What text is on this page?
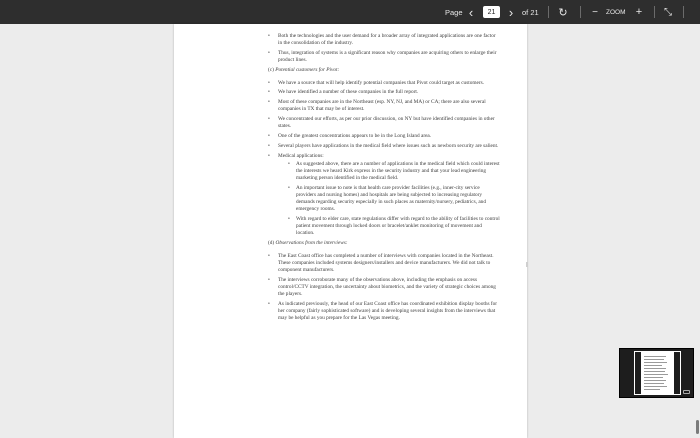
Page ‹
21	›	of 21 ↻ −	ZOOM + ⤡
• Both the technologies and the user demand for a broader array of integrated applications are one factor in the consolidation of the industry.
• Thus, integration of systems is a significant reason why companies are acquiring others to enlarge their product lines.
(c) Potential customers for Pivot:
• We have a source that will help identify potential companies that Pivot could target as customers.
• We have identified a number of these companies in the full report.
• Most of these companies are in the Northeast (esp. NY, NJ, and MA) or CA; there are also several companies in TX that may be of interest.
• We concentrated our efforts, as per our prior discussion, on NY but have identified companies in other states.
• One of the greatest concentrations appears to be in the Long Island area.
• Several players have applications in the medical field where issues such as newborn security are salient.
• Medical applications:
• As suggested above, there are a number of applications in the medical field which could interest the interests we heard Kirk express in the security industry and that your lead engineering marketing person identified in the medical field.
• An important issue to note is that health care provider facilities (e.g., inner-city service providers and nursing homes) and hospitals are being subjected to increasing regulatory demands regarding security especially in such places as maternity/nursery, pediatrics, and emergency rooms.
• With regard to elder care, state regulations differ with regard to the ability of facilities to control patient movement through locked doors or bracelet/anklet monitoring of movement and location.
(d) Observations from the interviews:
• The East Coast office has completed a number of interviews with companies located in the Northeast. These companies included systems designers/installers and device manufacturers. We did not talk to component manufacturers.
• The interviews corroborate many of the observations above, including the emphasis on access control/CCTV integration, the uncertainty about biometrics, and the variety of strategic choices among the players.
• As indicated previously, the head of our East Coast office has coordinated exhibition display booths for her company (fairly sophisticated software) and is developing several insights from the interviews that may be helpful as you prepare for the Las Vegas meeting.
